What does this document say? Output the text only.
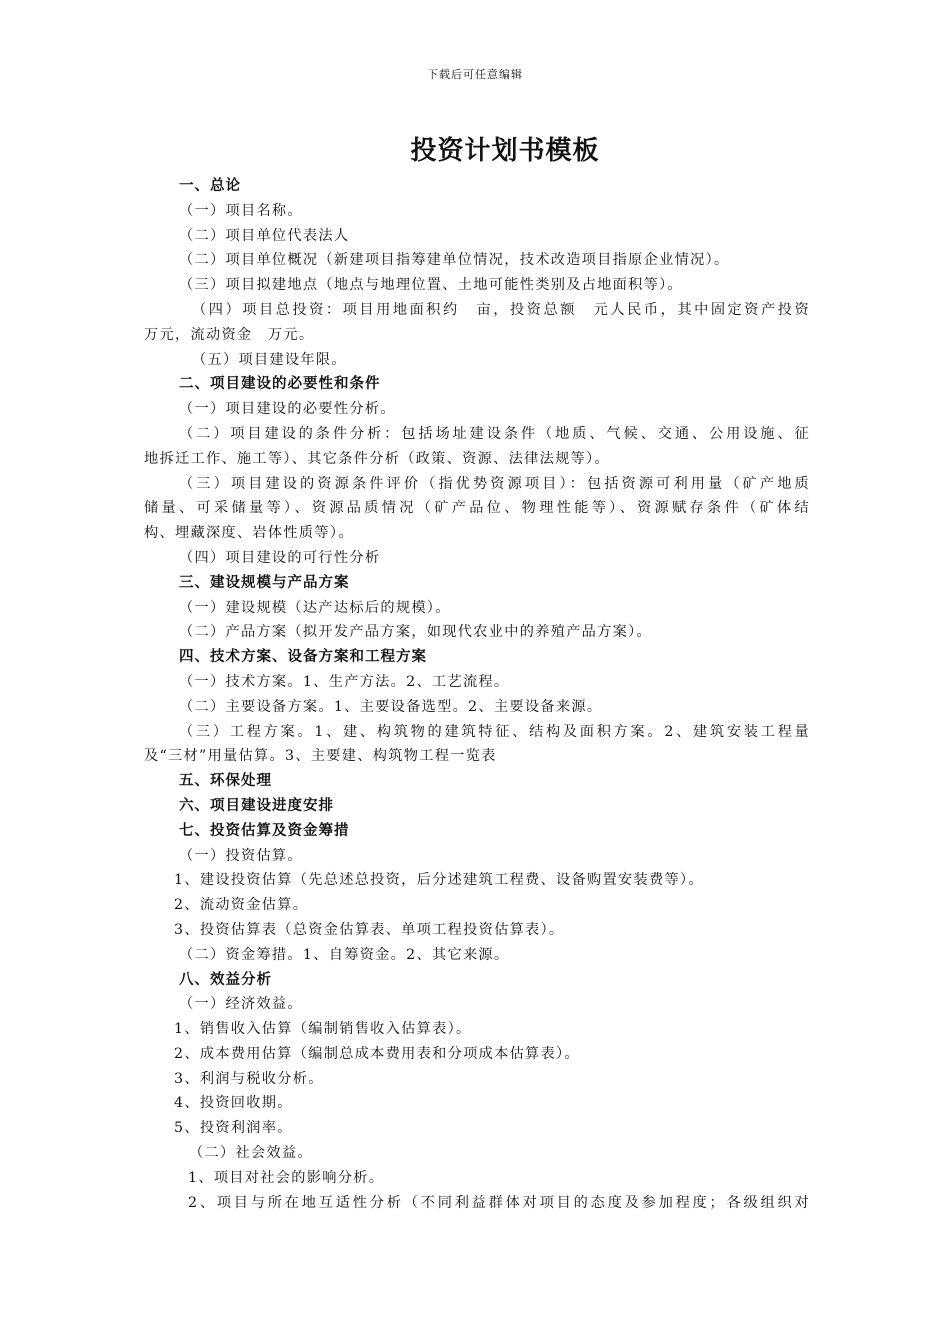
下载后可任意编辑
投资计划书模板
一、总论
（一）项目名称。
（二）项目单位代表法人
（二）项目单位概况（新建项目指筹建单位情况，技术改造项目指原企业情况）。
（三）项目拟建地点（地点与地理位置、土地可能性类别及占地面积等）。
（四）项目总投资：项目用地面积约　亩，投资总额　元人民币，其中固定资产投资
万元，流动资金　万元。
（五）项目建设年限。
二、项目建设的必要性和条件
（一）项目建设的必要性分析。
（二）项目建设的条件分析：包括场址建设条件（地质、气候、交通、公用设施、征
地拆迁工作、施工等）、其它条件分析（政策、资源、法律法规等）。
（三）项目建设的资源条件评价（指优势资源项目）：包括资源可利用量（矿产地质
储量、可采储量等）、资源品质情况（矿产品位、物理性能等）、资源赋存条件（矿体结
构、埋藏深度、岩体性质等）。
（四）项目建设的可行性分析
三、建设规模与产品方案
（一）建设规模（达产达标后的规模）。
（二）产品方案（拟开发产品方案，如现代农业中的养殖产品方案）。
四、技术方案、设备方案和工程方案
（一）技术方案。1、生产方法。2、工艺流程。
（二）主要设备方案。1、主要设备选型。2、主要设备来源。
（三）工程方案。1、建、构筑物的建筑特征、结构及面积方案。2、建筑安装工程量
及“三材”用量估算。3、主要建、构筑物工程一览表
五、环保处理
六、项目建设进度安排
七、投资估算及资金筹措
（一）投资估算。
1、建设投资估算（先总述总投资，后分述建筑工程费、设备购置安装费等）。
2、流动资金估算。
3、投资估算表（总资金估算表、单项工程投资估算表）。
（二）资金筹措。1、自筹资金。2、其它来源。
八、效益分析
（一）经济效益。
1、销售收入估算（编制销售收入估算表）。
2、成本费用估算（编制总成本费用表和分项成本估算表）。
3、利润与税收分析。
4、投资回收期。
5、投资利润率。
（二）社会效益。
1、项目对社会的影响分析。
2、项目与所在地互适性分析（不同利益群体对项目的态度及参加程度；各级组织对
